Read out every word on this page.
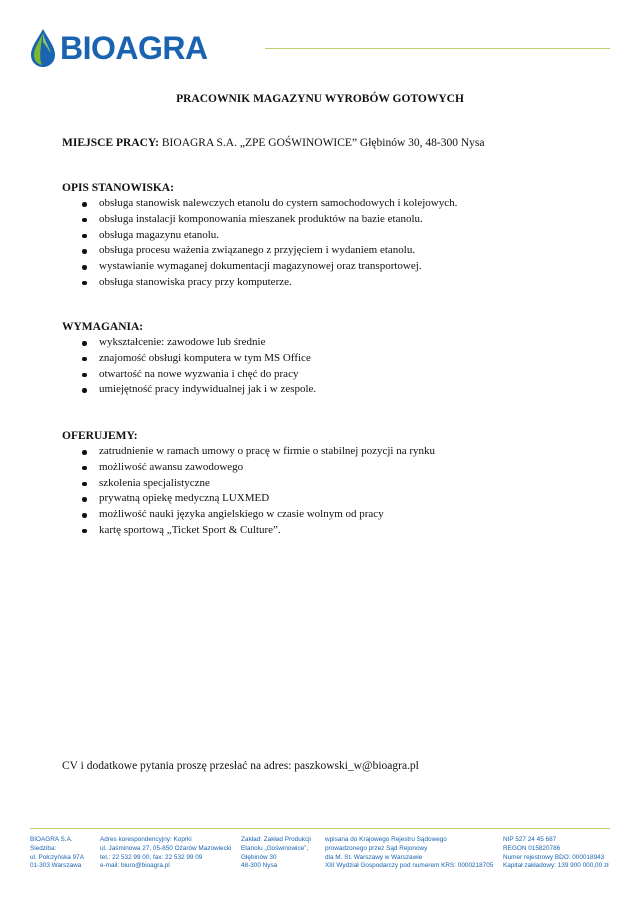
BIOAGRA
PRACOWNIK MAGAZYNU WYROBÓW GOTOWYCH
MIEJSCE PRACY: BIOAGRA S.A. „ZPE GOŚWINOWICE” Głębinów 30, 48-300 Nysa
OPIS STANOWISKA:
obsługa stanowisk nalewczych etanolu do cystern samochodowych i kolejowych.
obsługa instalacji komponowania mieszanek produktów na bazie etanolu.
obsługa magazynu etanolu.
obsługa procesu ważenia związanego z przyjęciem i wydaniem etanolu.
wystawianie wymaganej dokumentacji magazynowej oraz transportowej.
obsługa stanowiska pracy przy komputerze.
WYMAGANIA:
wykształcenie: zawodowe lub średnie
znajomość obsługi komputera w tym MS Office
otwartość na nowe wyzwania i chęć do pracy
umiejętność pracy indywidualnej jak i w zespole.
OFERUJEMY:
zatrudnienie w ramach umowy o pracę w firmie o stabilnej pozycji na rynku
możliwość awansu zawodowego
szkolenia specjalistyczne
prywatną opiekę medyczną LUXMED
możliwość nauki języka angielskiego w czasie wolnym od pracy
kartę sportową „Ticket Sport & Culture”.
CV i dodatkowe pytania proszę przesłać na adres: paszkowski_w@bioagra.pl
BIOAGRA S.A.
Siedziba:
ul. Połczyńska 97A
01-303 Warszawa
Adres korespondencyjny: Koprki
ul. Jaśminowa 27, 05-850 Ożarów Mazowiecki
tel.: 22 532 99 00, fax: 22 532 99 09
e-mail: biuro@bioagra.pl
Zakład: Zakład Produkcji
Etanolu „Goświnowice”,
Głębinów 30
48-300 Nysa
wpisana do Krajowego Rejestru Sądowego
prowadzonego przez Sąd Rejonowy
dla M. St. Warszawy w Warszawie
XIII Wydział Gospodarczy pod numerem KRS: 0000218705
NIP 527 24 45 687
REGON 015820786
Numer rejestrowy BDO: 000018943
Kapitał zakładowy: 139 900 000,00 zł
